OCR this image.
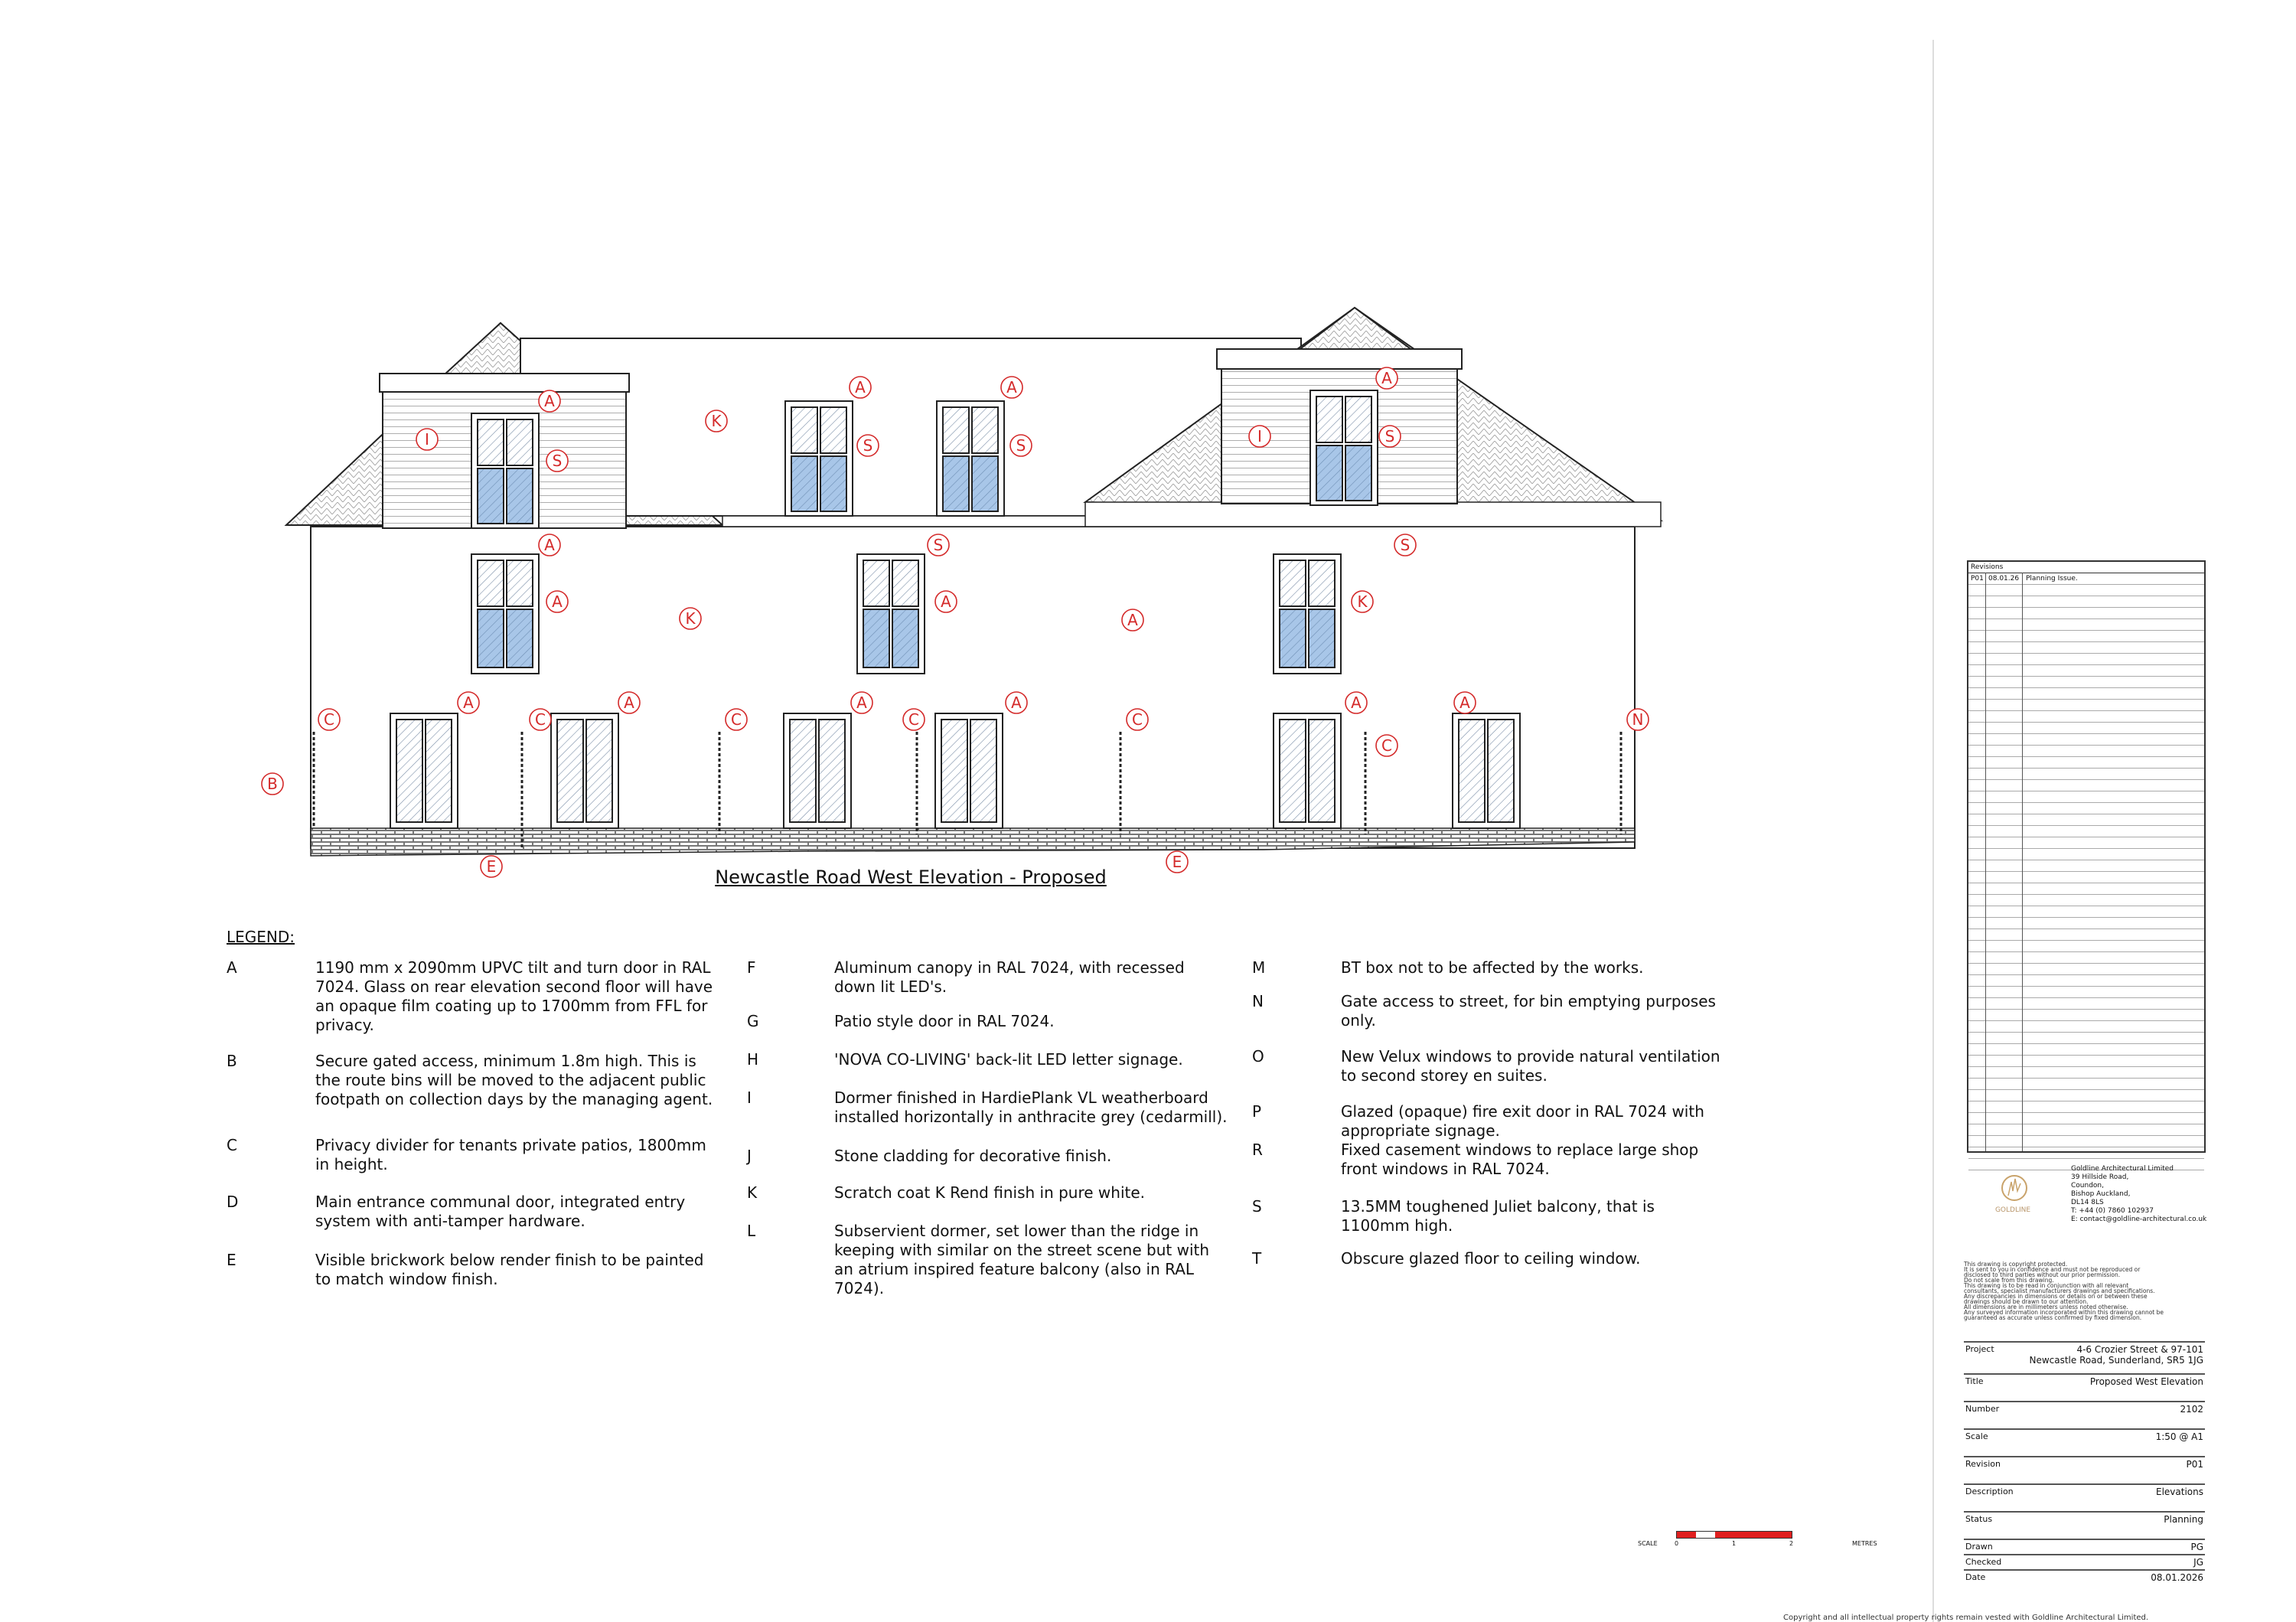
A
I
S
K
A
S
A
S
A
I	S
A
A
S
A
K
S
K
A
C
A
C
A
C
A
C
A
C
A
C
A
N
B
E	E
Newcastle Road West Elevation - Proposed
LEGEND:
A	1190 mm x 2090mm UPVC tilt and turn door in RAL 7024. Glass on rear elevation second floor will have an opaque film coating up to 1700mm from FFL for privacy.
B	Secure gated access, minimum 1.8m high. This is the route bins will be moved to the adjacent public footpath on collection days by the managing agent.
C	Privacy divider for tenants private patios, 1800mm in height.
D	Main entrance communal door, integrated entry system with anti-tamper hardware.
E	Visible brickwork below render finish to be painted to match window finish.
F	Aluminum canopy in RAL 7024, with recessed down lit LED's.
G	Patio style door in RAL 7024.
H	'NOVA CO-LIVING' back-lit LED letter signage.
I	Dormer finished in HardiePlank VL weatherboard installed horizontally in anthracite grey (cedarmill).
J	Stone cladding for decorative finish.
K	Scratch coat K Rend finish in pure white.
L	Subservient dormer, set lower than the ridge in keeping with similar on the street scene but with an atrium inspired feature balcony (also in RAL 7024).
M	BT box not to be affected by the works.
N	Gate access to street, for bin emptying purposes only.
O	New Velux windows to provide natural ventilation to second storey en suites.
P	Glazed (opaque) fire exit door in RAL 7024 with appropriate signage.
R	Fixed casement windows to replace large shop front windows in RAL 7024.
S	13.5MM toughened Juliet balcony, that is 1100mm high.
T	Obscure glazed floor to ceiling window.
Revisions
P01 08.01.26 Planning Issue.
GOLDLINE
Goldline Architectural Limited
39 Hillside Road,
Coundon,
Bishop Auckland,
DL14 8LS
T: +44 (0) 7860 102937
E: contact@goldline-architectural.co.uk
This drawing is copyright protected.
It is sent to you in confidence and must not be reproduced or
disclosed to third parties without our prior permission.
Do not scale from this drawing.
This drawing is to be read in conjunction with all relevant
consultants, specialist manufacturers drawings and specifications.
Any discrepancies in dimensions or details on or between these
drawings should be drawn to our attention.
All dimensions are in millimeters unless noted otherwise.
Any surveyed information incorporated within this drawing cannot be
guaranteed as accurate unless confirmed by fixed dimension.
Project	4-6 Crozier Street & 97-101
Newcastle Road, Sunderland, SR5 1JG
Title	Proposed West Elevation
Number	2102
Scale	1:50 @ A1
Revision	P01
Description	Elevations
Status	Planning
Drawn	PG
Checked	JG
Date	08.01.2026
SCALE	0	1	2	METRES
Copyright and all intellectual property rights remain vested with Goldline Architectural Limited.
